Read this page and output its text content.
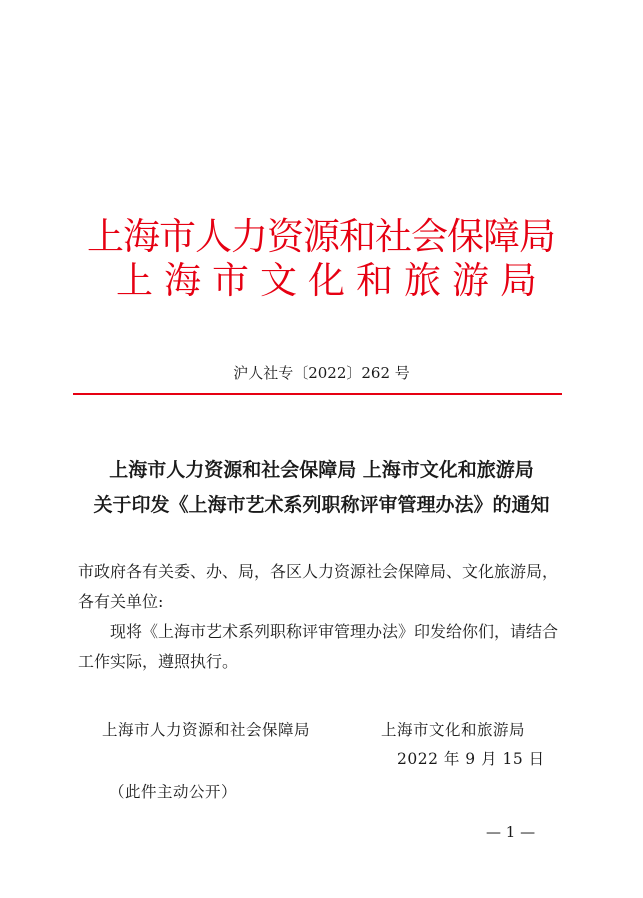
上海市人力资源和社会保障局
上海市文化和旅游局
沪人社专〔2022〕262 号
上海市人力资源和社会保障局 上海市文化和旅游局
关于印发《上海市艺术系列职称评审管理办法》的通知

市政府各有关委、办、局，各区人力资源社会保障局、文化旅游局，各有关单位:

现将《上海市艺术系列职称评审管理办法》印发给你们，请结合工作实际，遵照执行。

上海市人力资源和社会保障局	上海市文化和旅游局
2022 年 9 月 15 日
（此件主动公开）
— 1 —
